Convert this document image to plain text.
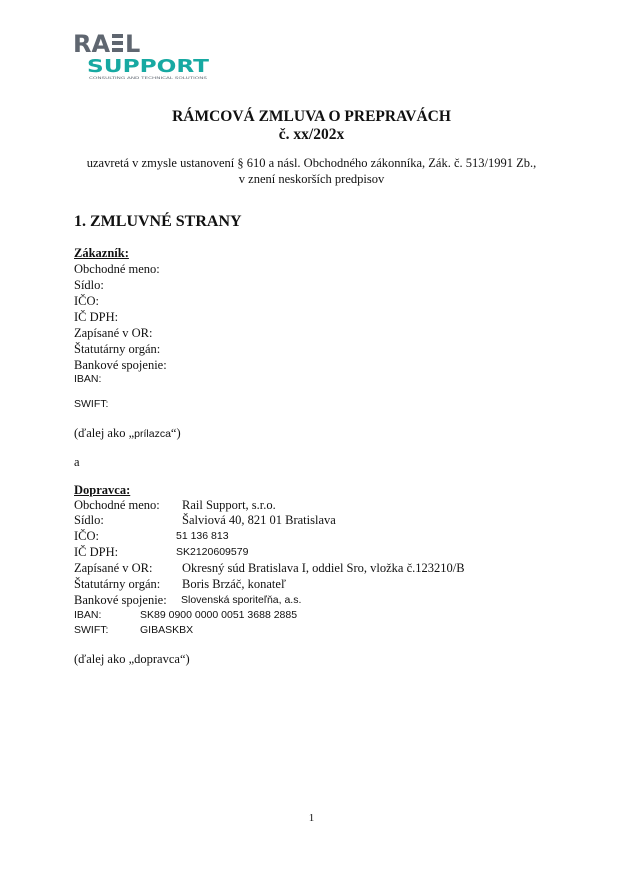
RA L
SUPPORT
CONSULTING AND TECHNICAL SOLUTIONS
RÁMCOVÁ ZMLUVA O PREPRAVÁCH
č. xx/202x
uzavretá v zmysle ustanovení § 610 a násl. Obchodného zákonníka, Zák. č. 513/1991 Zb.,
v znení neskorších predpisov
1. ZMLUVNÉ STRANY
Zákazník:
Obchodné meno:
Sídlo:
IČO:
IČ DPH:
Zapísané v OR:
Štatutárny orgán:
Bankové spojenie:
IBAN:
SWIFT:
(ďalej ako „prílazca“)
a
Dopravca:
Obchodné meno: Rail Support, s.r.o.
Sídlo:	Šalviová 40, 821 01 Bratislava
IČO:	51 136 813
IČ DPH:	SK2120609579
Zapísané v OR: Okresný súd Bratislava I, oddiel Sro, vložka č.123210/B
Štatutárny orgán: Boris Brzáč, konateľ
Bankové spojenie: Slovenská sporiteľňa, a.s.
IBAN:	SK89 0900 0000 0051 3688 2885
SWIFT:	GIBASKBX
(ďalej ako „dopravca“)
1
